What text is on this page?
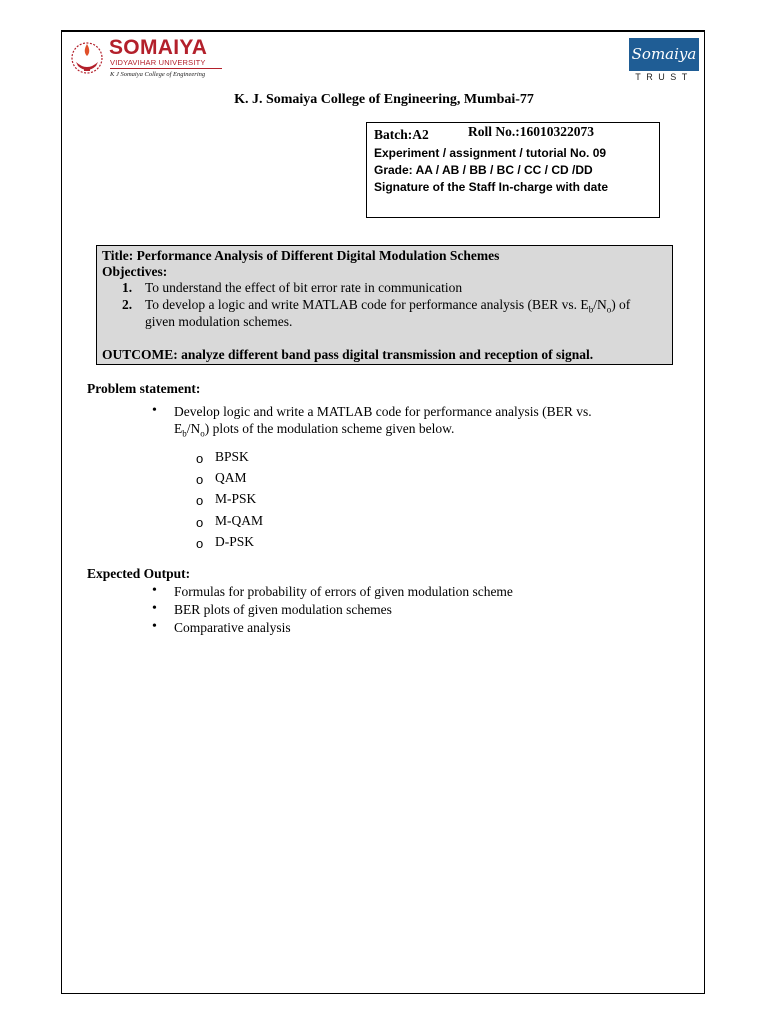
SOMAIYA
VIDYAVIHAR UNIVERSITY
K J Somaiya College of Engineering
Somaiya
TRUST
K. J. Somaiya College of Engineering, Mumbai-77
Batch:A2	Roll No.:16010322073
Experiment / assignment / tutorial No. 09
Grade: AA / AB / BB / BC / CC / CD /DD
Signature of the Staff In-charge with date
Title: Performance Analysis of Different Digital Modulation Schemes
Objectives:
1. To understand the effect of bit error rate in communication
2. To develop a logic and write MATLAB code for performance analysis (BER vs. $E_b/N_o$) of
given modulation schemes.
OUTCOME: analyze different band pass digital transmission and reception of signal.
Problem statement:
• Develop logic and write a MATLAB code for performance analysis (BER vs.
$E_b/N_o$) plots of the modulation scheme given below.
o BPSK
o QAM
o M-PSK
o M-QAM
o D-PSK
Expected Output:
• Formulas for probability of errors of given modulation scheme
• BER plots of given modulation schemes
• Comparative analysis
